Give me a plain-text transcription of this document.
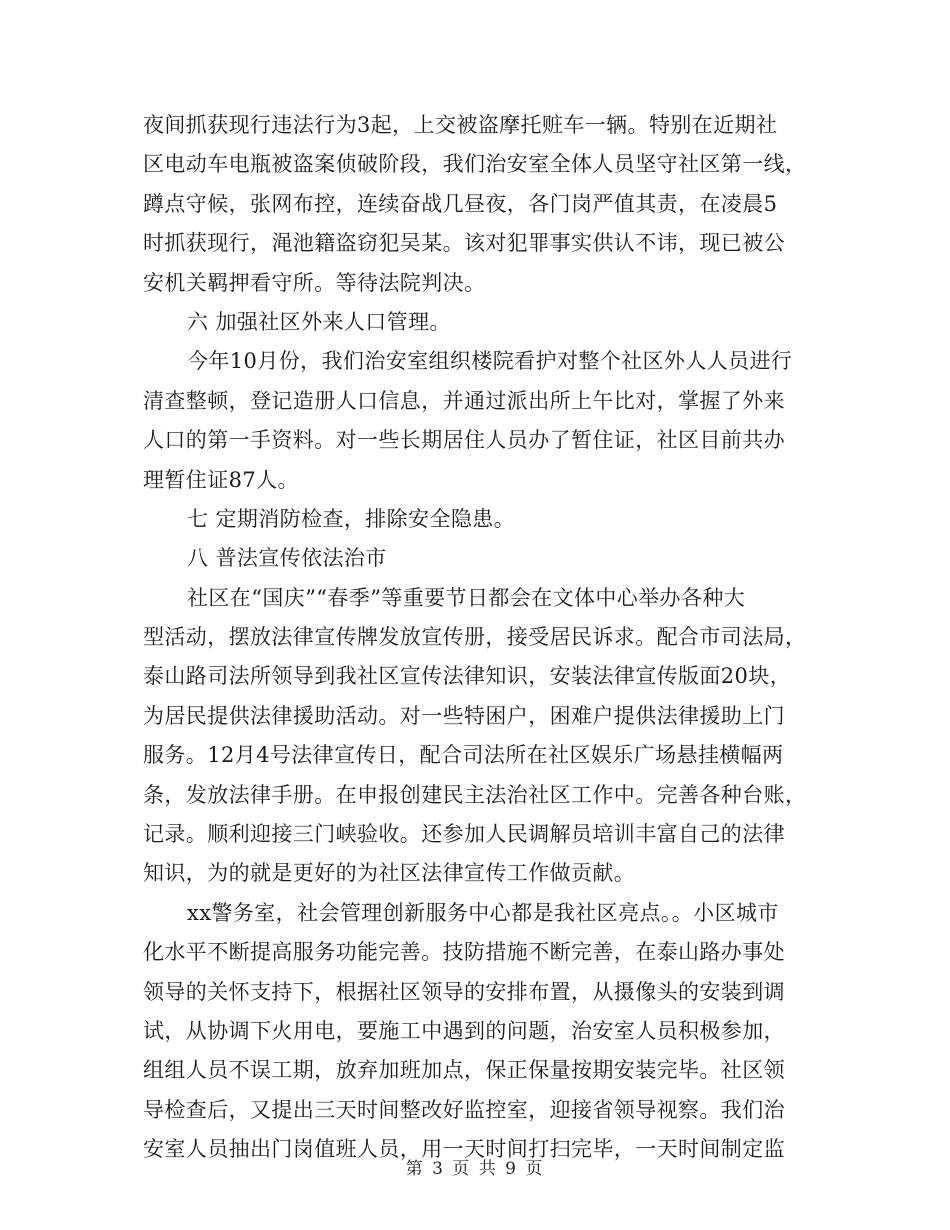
夜间抓获现行违法行为3起，上交被盗摩托赃车一辆。特别在近期社
区电动车电瓶被盗案侦破阶段，我们治安室全体人员坚守社区第一线，
蹲点守候，张网布控，连续奋战几昼夜，各门岗严值其责，在凌晨5
时抓获现行，渑池籍盗窃犯吴某。该对犯罪事实供认不讳，现已被公
安机关羁押看守所。等待法院判决。
六 加强社区外来人口管理。
今年10月份，我们治安室组织楼院看护对整个社区外人人员进行
清查整顿，登记造册人口信息，并通过派出所上午比对，掌握了外来
人口的第一手资料。对一些长期居住人员办了暂住证，社区目前共办
理暂住证87人。
七 定期消防检查，排除安全隐患。
八 普法宣传依法治市
社区在“国庆”“春季”等重要节日都会在文体中心举办各种大
型活动，摆放法律宣传牌发放宣传册，接受居民诉求。配合市司法局，
泰山路司法所领导到我社区宣传法律知识，安装法律宣传版面20块，
为居民提供法律援助活动。对一些特困户，困难户提供法律援助上门
服务。12月4号法律宣传日，配合司法所在社区娱乐广场悬挂横幅两
条，发放法律手册。在申报创建民主法治社区工作中。完善各种台账，
记录。顺利迎接三门峡验收。还参加人民调解员培训丰富自己的法律
知识，为的就是更好的为社区法律宣传工作做贡献。
xx警务室，社会管理创新服务中心都是我社区亮点。。小区城市
化水平不断提高服务功能完善。技防措施不断完善，在泰山路办事处
领导的关怀支持下，根据社区领导的安排布置，从摄像头的安装到调
试，从协调下火用电，要施工中遇到的问题，治安室人员积极参加，
组组人员不误工期，放弃加班加点，保正保量按期安装完毕。社区领
导检查后，又提出三天时间整改好监控室，迎接省领导视察。我们治
安室人员抽出门岗值班人员，用一天时间打扫完毕，一天时间制定监
第 3 页 共 9 页
